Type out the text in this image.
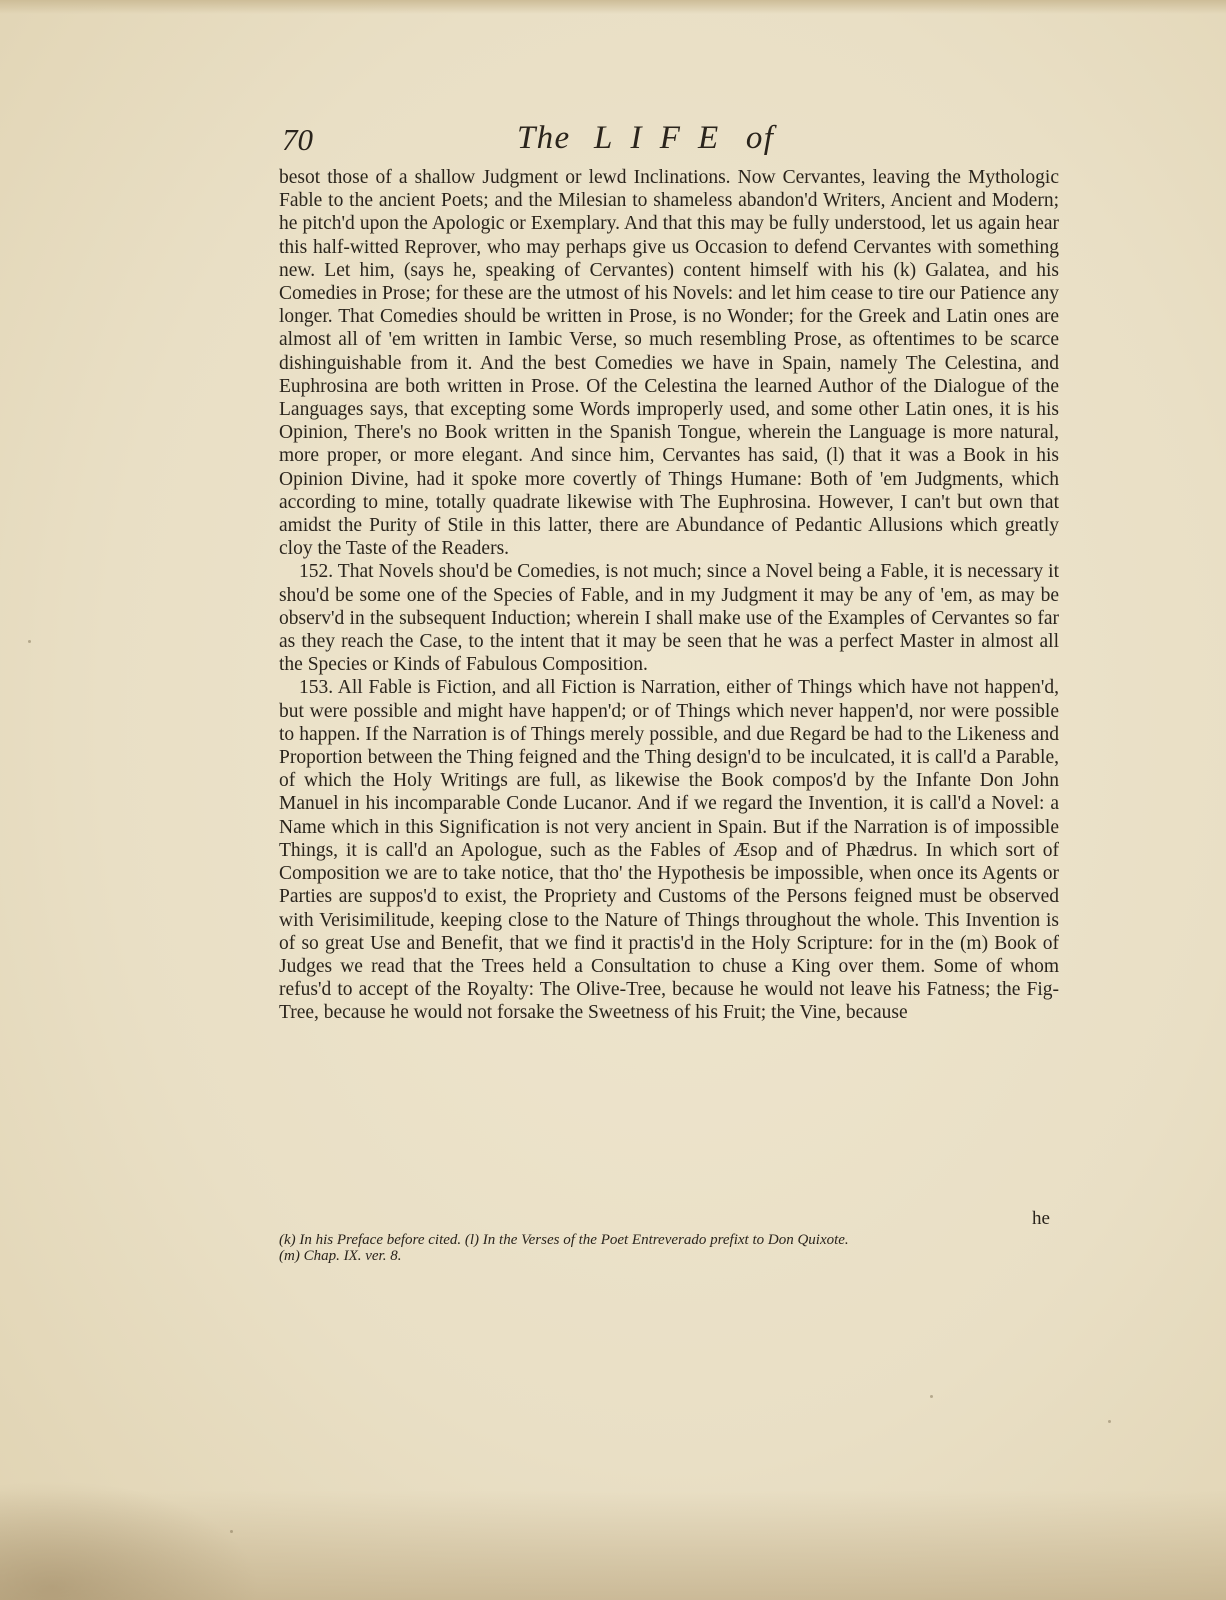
70	The LIFE of

besot those of a shallow Judgment or lewd Inclinations. Now Cervantes, leaving the Mythologic Fable to the ancient Poets; and the Milesian to shameless abandon'd Writers, Ancient and Modern; he pitch'd upon the Apologic or Exemplary. And that this may be fully understood, let us again hear this half-witted Reprover, who may perhaps give us Occasion to defend Cervantes with something new. Let him, (says he, speaking of Cervantes) content himself with his (k) Galatea, and his Comedies in Prose; for these are the utmost of his Novels: and let him cease to tire our Patience any longer. That Comedies should be written in Prose, is no Wonder; for the Greek and Latin ones are almost all of 'em written in Iambic Verse, so much resembling Prose, as oftentimes to be scarce dishinguishable from it. And the best Comedies we have in Spain, namely The Celestina, and Euphrosina are both written in Prose. Of the Celestina the learned Author of the Dialogue of the Languages says, that excepting some Words improperly used, and some other Latin ones, it is his Opinion, There's no Book written in the Spanish Tongue, wherein the Language is more natural, more proper, or more elegant. And since him, Cervantes has said, (l) that it was a Book in his Opinion Divine, had it spoke more covertly of Things Humane: Both of 'em Judgments, which according to mine, totally quadrate likewise with The Euphrosina. However, I can't but own that amidst the Purity of Stile in this latter, there are Abundance of Pedantic Allusions which greatly cloy the Taste of the Readers.

152. That Novels shou'd be Comedies, is not much; since a Novel being a Fable, it is necessary it shou'd be some one of the Species of Fable, and in my Judgment it may be any of 'em, as may be observ'd in the subsequent Induction; wherein I shall make use of the Examples of Cervantes so far as they reach the Case, to the intent that it may be seen that he was a perfect Master in almost all the Species or Kinds of Fabulous Composition.

153. All Fable is Fiction, and all Fiction is Narration, either of Things which have not happen'd, but were possible and might have happen'd; or of Things which never happen'd, nor were possible to happen. If the Narration is of Things merely possible, and due Regard be had to the Likeness and Proportion between the Thing feigned and the Thing design'd to be inculcated, it is call'd a Parable, of which the Holy Writings are full, as likewise the Book compos'd by the Infante Don John Manuel in his incomparable Conde Lucanor. And if we regard the Invention, it is call'd a Novel: a Name which in this Signification is not very ancient in Spain. But if the Narration is of impossible Things, it is call'd an Apologue, such as the Fables of Æsop and of Phædrus. In which sort of Composition we are to take notice, that tho' the Hypothesis be impossible, when once its Agents or Parties are suppos'd to exist, the Propriety and Customs of the Persons feigned must be observed with Verisimilitude, keeping close to the Nature of Things throughout the whole. This Invention is of so great Use and Benefit, that we find it practis'd in the Holy Scripture: for in the (m) Book of Judges we read that the Trees held a Consultation to chuse a King over them. Some of whom refus'd to accept of the Royalty: The Olive-Tree, because he would not leave his Fatness; the Fig-Tree, because he would not forsake the Sweetness of his Fruit; the Vine, because

he

(k) In his Preface before cited. (l) In the Verses of the Poet Entreverado prefixt to Don Quixote.

(m) Chap. IX. ver. 8.
